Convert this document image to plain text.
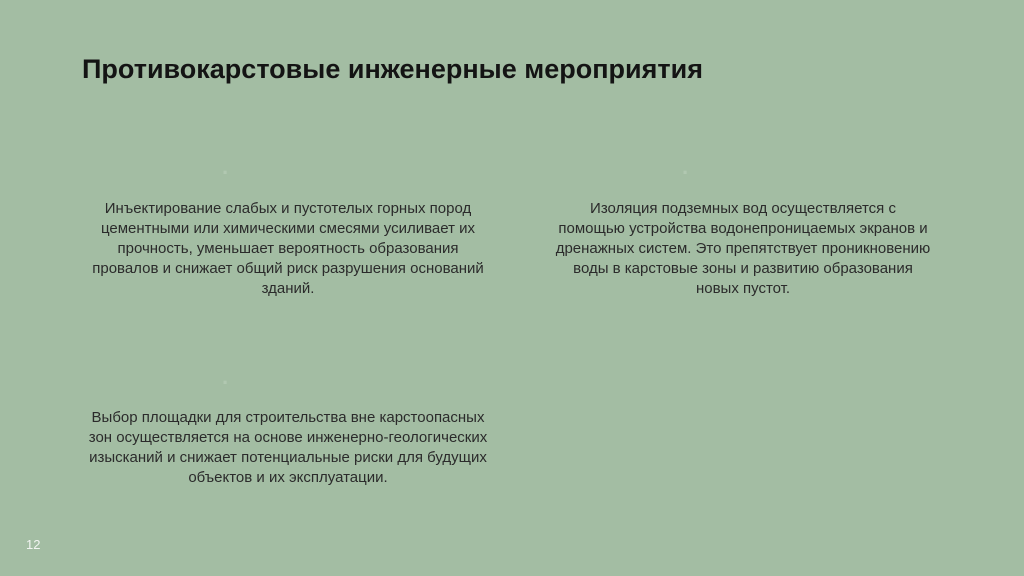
Противокарстовые инженерные мероприятия
·
Инъектирование слабых и пустотелых горных пород цементными или химическими смесями усиливает их прочность, уменьшает вероятность образования провалов и снижает общий риск разрушения оснований зданий.
·
Изоляция подземных вод осуществляется с помощью устройства водонепроницаемых экранов и дренажных систем. Это препятствует проникновению воды в карстовые зоны и развитию образования новых пустот.
·
Выбор площадки для строительства вне карстоопасных зон осуществляется на основе инженерно-геологических изысканий и снижает потенциальные риски для будущих объектов и их эксплуатации.
12
